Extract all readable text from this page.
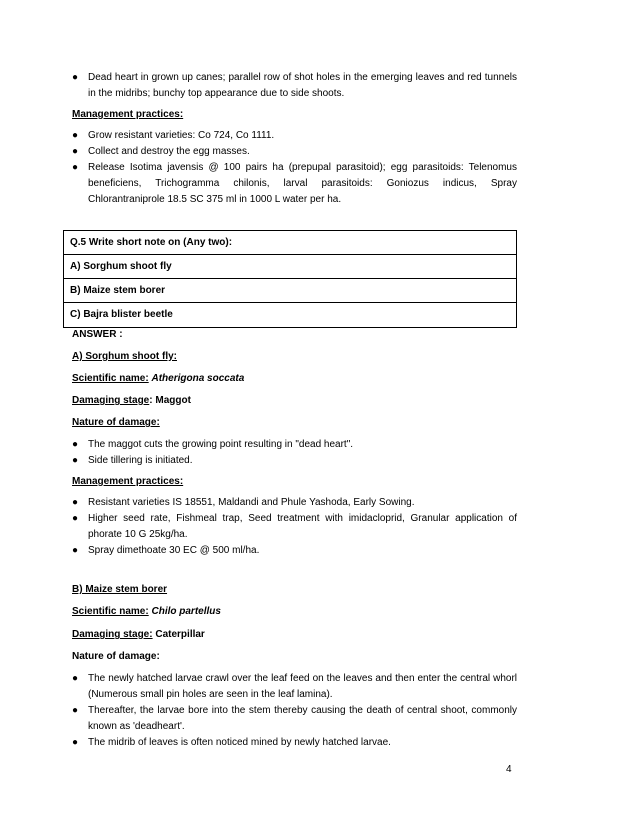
● Dead heart in grown up canes; parallel row of shot holes in the emerging leaves and red tunnels in the midribs; bunchy top appearance due to side shoots.
Management practices:
● Grow resistant varieties: Co 724, Co 1111.
● Collect and destroy the egg masses.
● Release Isotima javensis @ 100 pairs ha (prepupal parasitoid); egg parasitoids: Telenomus beneficiens, Trichogramma chilonis, larval parasitoids: Goniozus indicus, Spray Chlorantraniprole 18.5 SC 375 ml in 1000 L water per ha.
Q.5 Write short note on (Any two):
A) Sorghum shoot fly
B) Maize stem borer
C) Bajra blister beetle
ANSWER :
A) Sorghum shoot fly:
Scientific name: Atherigona soccata
Damaging stage: Maggot
Nature of damage:
● The maggot cuts the growing point resulting in "dead heart".
● Side tillering is initiated.
Management practices:
● Resistant varieties IS 18551, Maldandi and Phule Yashoda, Early Sowing.
● Higher seed rate, Fishmeal trap, Seed treatment with imidacloprid, Granular application of phorate 10 G 25kg/ha.
● Spray dimethoate 30 EC @ 500 ml/ha.
B) Maize stem borer
Scientific name: Chilo partellus
Damaging stage: Caterpillar
Nature of damage:
● The newly hatched larvae crawl over the leaf feed on the leaves and then enter the central whorl (Numerous small pin holes are seen in the leaf lamina).
● Thereafter, the larvae bore into the stem thereby causing the death of central shoot, commonly known as 'deadheart'.
● The midrib of leaves is often noticed mined by newly hatched larvae.
4
